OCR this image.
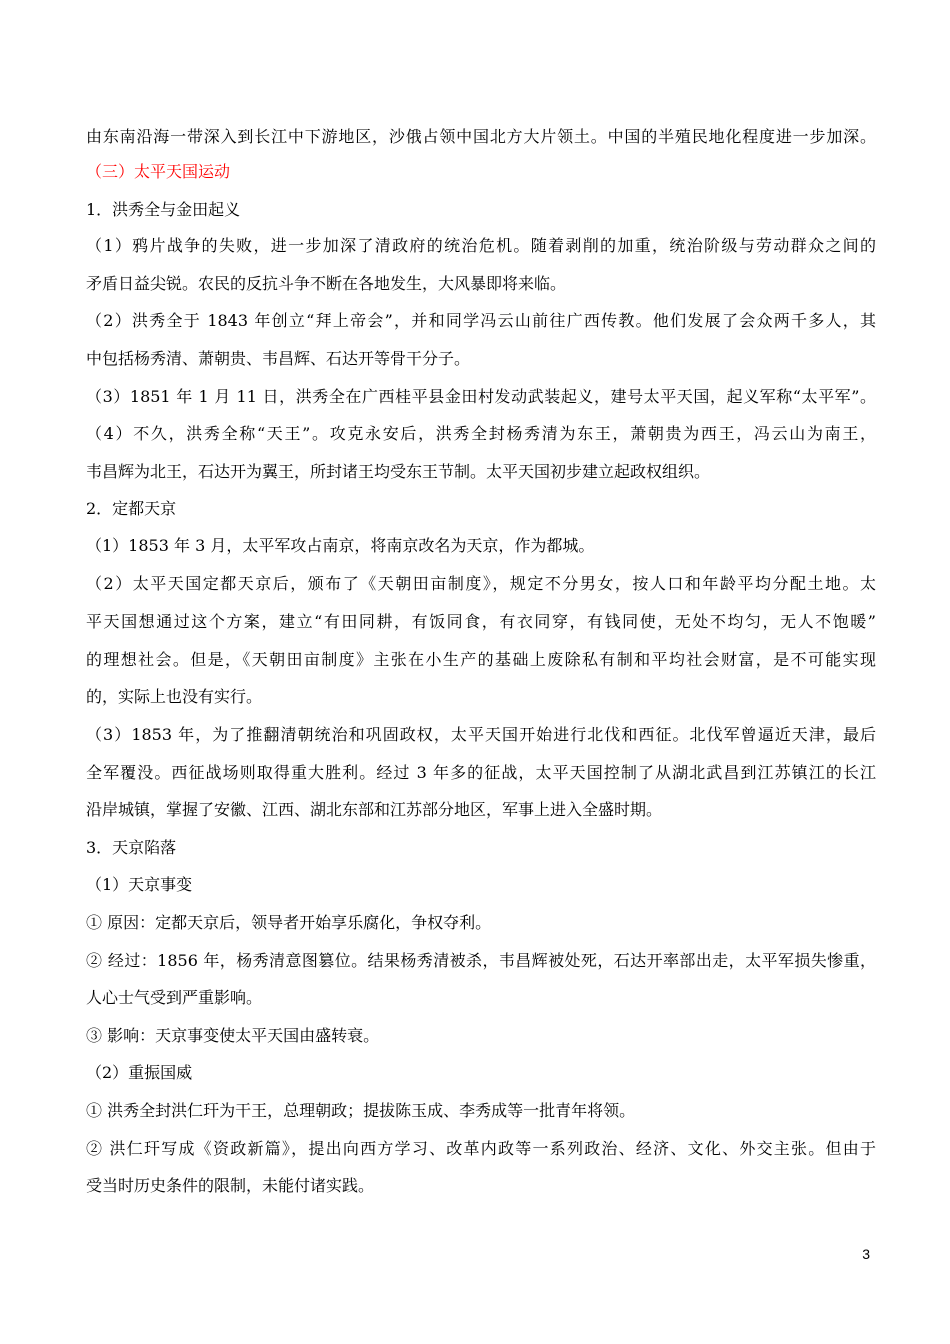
由东南沿海一带深入到长江中下游地区，沙俄占领中国北方大片领土。中国的半殖民地化程度进一步加深。
（三）太平天国运动
1．洪秀全与金田起义
（1）鸦片战争的失败，进一步加深了清政府的统治危机。随着剥削的加重，统治阶级与劳动群众之间的
矛盾日益尖锐。农民的反抗斗争不断在各地发生，大风暴即将来临。
（2）洪秀全于 1843 年创立“拜上帝会”，并和同学冯云山前往广西传教。他们发展了会众两千多人，其
中包括杨秀清、萧朝贵、韦昌辉、石达开等骨干分子。
（3）1851 年 1 月 11 日，洪秀全在广西桂平县金田村发动武装起义，建号太平天国，起义军称“太平军”。
（4）不久，洪秀全称“天王”。攻克永安后，洪秀全封杨秀清为东王，萧朝贵为西王，冯云山为南王，
韦昌辉为北王，石达开为翼王，所封诸王均受东王节制。太平天国初步建立起政权组织。
2．定都天京
（1）1853 年 3 月，太平军攻占南京，将南京改名为天京，作为都城。
（2）太平天国定都天京后，颁布了《天朝田亩制度》，规定不分男女，按人口和年龄平均分配土地。太
平天国想通过这个方案，建立“有田同耕，有饭同食，有衣同穿，有钱同使，无处不均匀，无人不饱暖”
的理想社会。但是，《天朝田亩制度》主张在小生产的基础上废除私有制和平均社会财富，是不可能实现
的，实际上也没有实行。
（3）1853 年，为了推翻清朝统治和巩固政权，太平天国开始进行北伐和西征。北伐军曾逼近天津，最后
全军覆没。西征战场则取得重大胜利。经过 3 年多的征战，太平天国控制了从湖北武昌到江苏镇江的长江
沿岸城镇，掌握了安徽、江西、湖北东部和江苏部分地区，军事上进入全盛时期。
3．天京陷落
（1）天京事变
① 原因：定都天京后，领导者开始享乐腐化，争权夺利。
② 经过：1856 年，杨秀清意图篡位。结果杨秀清被杀，韦昌辉被处死，石达开率部出走，太平军损失惨重，
人心士气受到严重影响。
③ 影响：天京事变使太平天国由盛转衰。
（2）重振国威
① 洪秀全封洪仁玕为干王，总理朝政；提拔陈玉成、李秀成等一批青年将领。
② 洪仁玕写成《资政新篇》，提出向西方学习、改革内政等一系列政治、经济、文化、外交主张。但由于
受当时历史条件的限制，未能付诸实践。
3
